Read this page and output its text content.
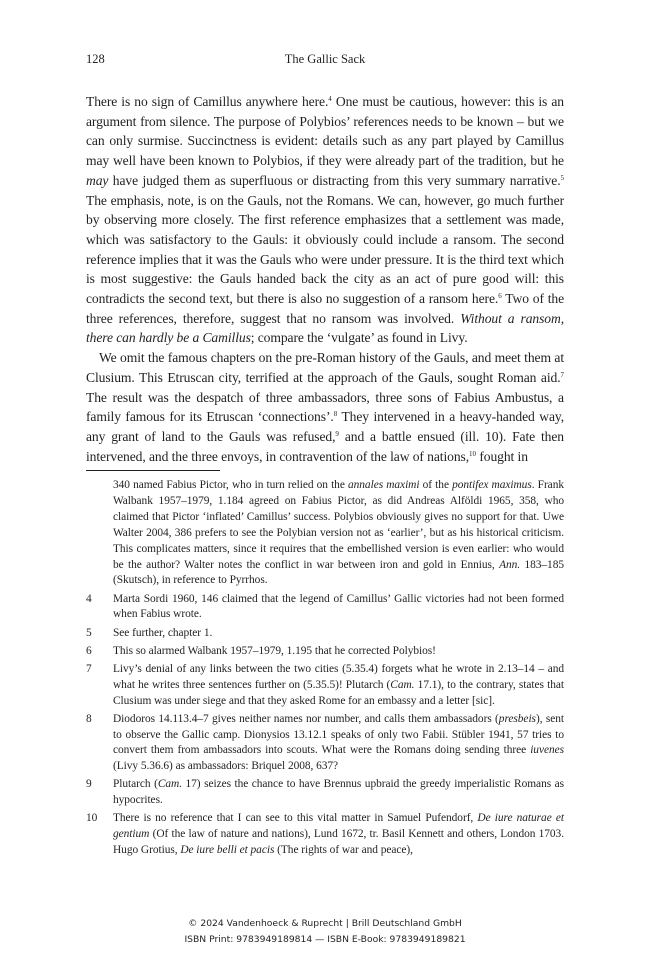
128	The Gallic Sack

There is no sign of Camillus anywhere here.$^4$ One must be cautious, however: this is an argument from silence. The purpose of Polybios’ references needs to be known – but we can only surmise. Succinctness is evident: details such as any part played by Camillus may well have been known to Polybios, if they were already part of the tradition, but he may have judged them as superfluous or distracting from this very summary narrative.$^5$ The emphasis, note, is on the Gauls, not the Romans. We can, however, go much further by observing more closely. The first reference emphasizes that a settlement was made, which was satisfactory to the Gauls: it obviously could include a ransom. The second reference implies that it was the Gauls who were under pressure. It is the third text which is most suggestive: the Gauls handed back the city as an act of pure good will: this contradicts the second text, but there is also no suggestion of a ransom here.$^6$ Two of the three references, therefore, suggest that no ransom was involved. Without a ransom, there can hardly be a Camillus; compare the ‘vulgate’ as found in Livy.

We omit the famous chapters on the pre-Roman history of the Gauls, and meet them at Clusium. This Etruscan city, terrified at the approach of the Gauls, sought Roman aid.$^7$ The result was the despatch of three ambassadors, three sons of Fabius Ambustus, a family famous for its Etruscan ‘connections’.$^8$ They intervened in a heavy-handed way, any grant of land to the Gauls was refused,$^9$ and a battle ensued (ill. 10). Fate then intervened, and the three envoys, in contravention of the law of nations,$^{10}$ fought in

340 named Fabius Pictor, who in turn relied on the annales maximi of the pontifex maximus. Frank Walbank 1957–1979, 1.184 agreed on Fabius Pictor, as did Andreas Alföldi 1965, 358, who claimed that Pictor ‘inflated’ Camillus’ success. Polybios obviously gives no support for that. Uwe Walter 2004, 386 prefers to see the Polybian version not as ‘earlier’, but as his historical criticism. This complicates matters, since it requires that the embellished version is even earlier: who would be the author? Walter notes the conflict in war between iron and gold in Ennius, Ann. 183–185 (Skutsch), in reference to Pyrrhos.
4	Marta Sordi 1960, 146 claimed that the legend of Camillus’ Gallic victories had not been formed when Fabius wrote.
5	See further, chapter 1.
6	This so alarmed Walbank 1957–1979, 1.195 that he corrected Polybios!
7	Livy’s denial of any links between the two cities (5.35.4) forgets what he wrote in 2.13–14 – and what he writes three sentences further on (5.35.5)! Plutarch (Cam. 17.1), to the contrary, states that Clusium was under siege and that they asked Rome for an embassy and a letter [sic].
8	Diodoros 14.113.4–7 gives neither names nor number, and calls them ambassadors (presbeis), sent to observe the Gallic camp. Dionysios 13.12.1 speaks of only two Fabii. Stübler 1941, 57 tries to convert them from ambassadors into scouts. What were the Romans doing sending three iuvenes (Livy 5.36.6) as ambassadors: Briquel 2008, 637?
9	Plutarch (Cam. 17) seizes the chance to have Brennus upbraid the greedy imperialistic Romans as hypocrites.
10	There is no reference that I can see to this vital matter in Samuel Pufendorf, De iure naturae et gentium (Of the law of nature and nations), Lund 1672, tr. Basil Kennett and others, London 1703. Hugo Grotius, De iure belli et pacis (The rights of war and peace),
© 2024 Vandenhoeck & Ruprecht | Brill Deutschland GmbH
ISBN Print: 9783949189814 — ISBN E-Book: 9783949189821
